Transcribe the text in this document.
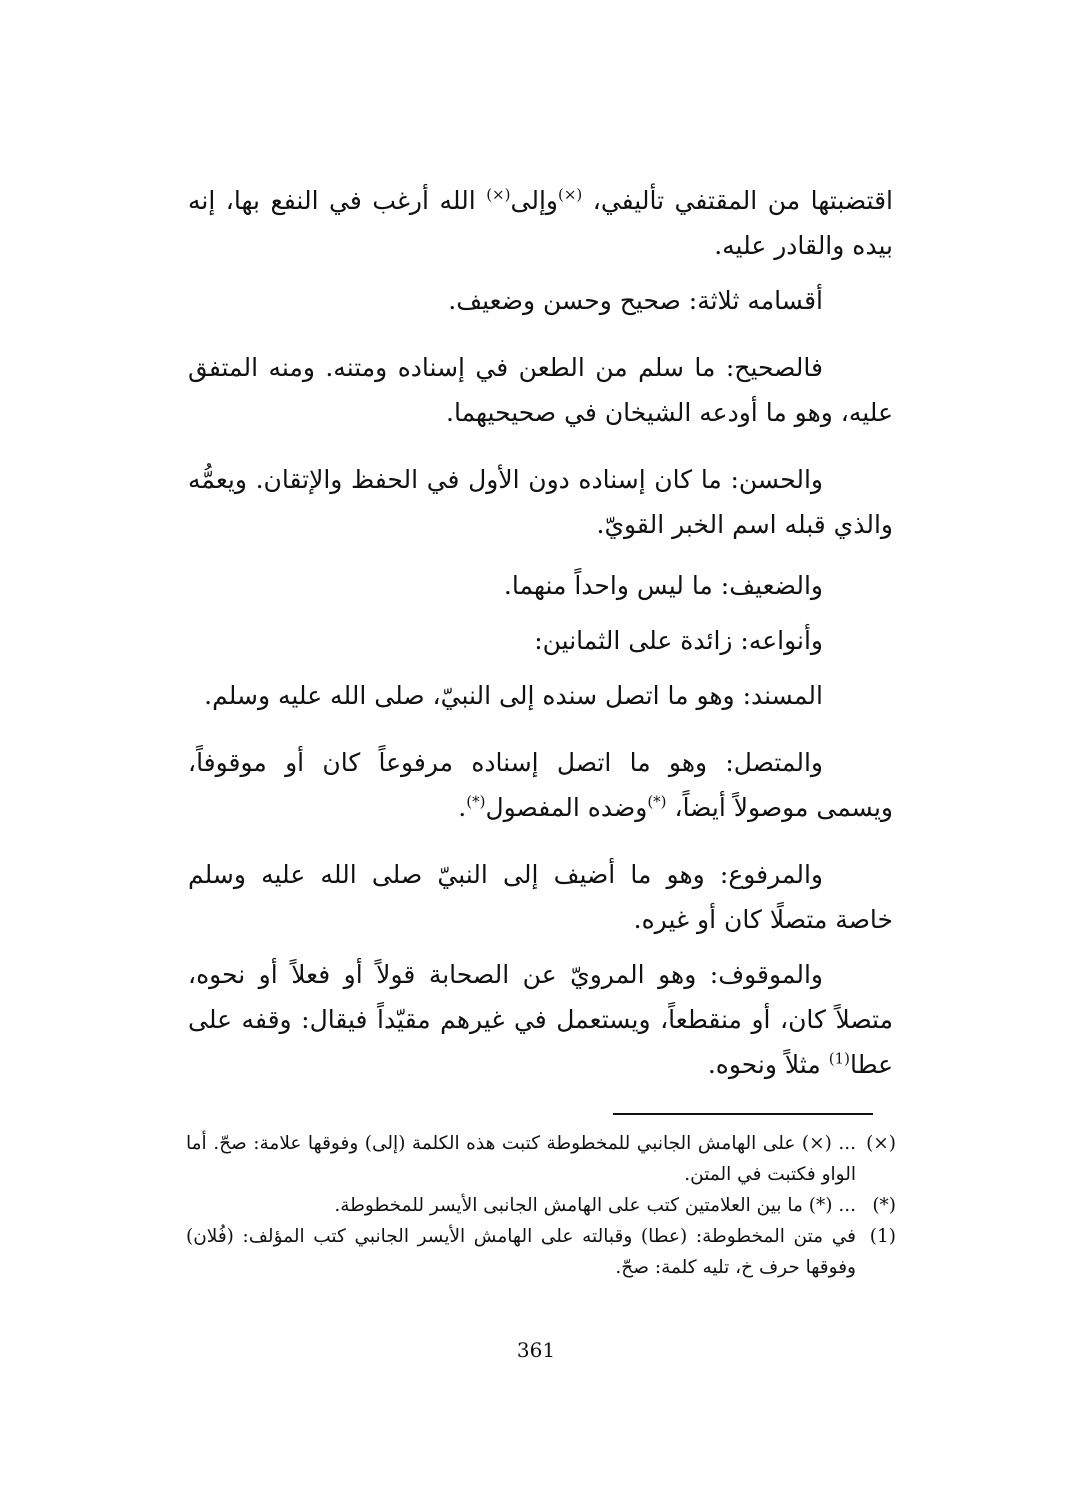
اقتضبتها من المقتفي تأليفي، (×)وإلى(×) الله أرغب في النفع بها، إنه بيده والقادر عليه.

أقسامه ثلاثة: صحيح وحسن وضعيف.

فالصحيح: ما سلم من الطعن في إسناده ومتنه. ومنه المتفق عليه، وهو ما أودعه الشيخان في صحيحيهما.

والحسن: ما كان إسناده دون الأول في الحفظ والإتقان. ويعمُّه والذي قبله اسم الخبر القويّ.

والضعيف: ما ليس واحداً منهما.

وأنواعه: زائدة على الثمانين:

المسند: وهو ما اتصل سنده إلى النبيّ، صلى الله عليه وسلم.

والمتصل: وهو ما اتصل إسناده مرفوعاً كان أو موقوفاً، ويسمى موصولاً أيضاً، (*)وضده المفصول(*).

والمرفوع: وهو ما أضيف إلى النبيّ صلى الله عليه وسلم خاصة متصلًا كان أو غيره.

والموقوف: وهو المرويّ عن الصحابة قولاً أو فعلاً أو نحوه، متصلاً كان، أو منقطعاً، ويستعمل في غيرهم مقيّداً فيقال: وقفه على عطا$^{(1)}$ مثلاً ونحوه.

(×)
... (×) على الهامش الجانبي للمخطوطة كتبت هذه الكلمة (إلى) وفوقها علامة: صحّ. أما الواو فكتبت في المتن.

(*)
... (*) ما بين العلامتين كتب على الهامش الجانبى الأيسر للمخطوطة.

(1)
في متن المخطوطة: (عطا) وقبالته على الهامش الأيسر الجانبي كتب المؤلف: (فُلان) وفوقها حرف خ، تليه كلمة: صحّ.

361
